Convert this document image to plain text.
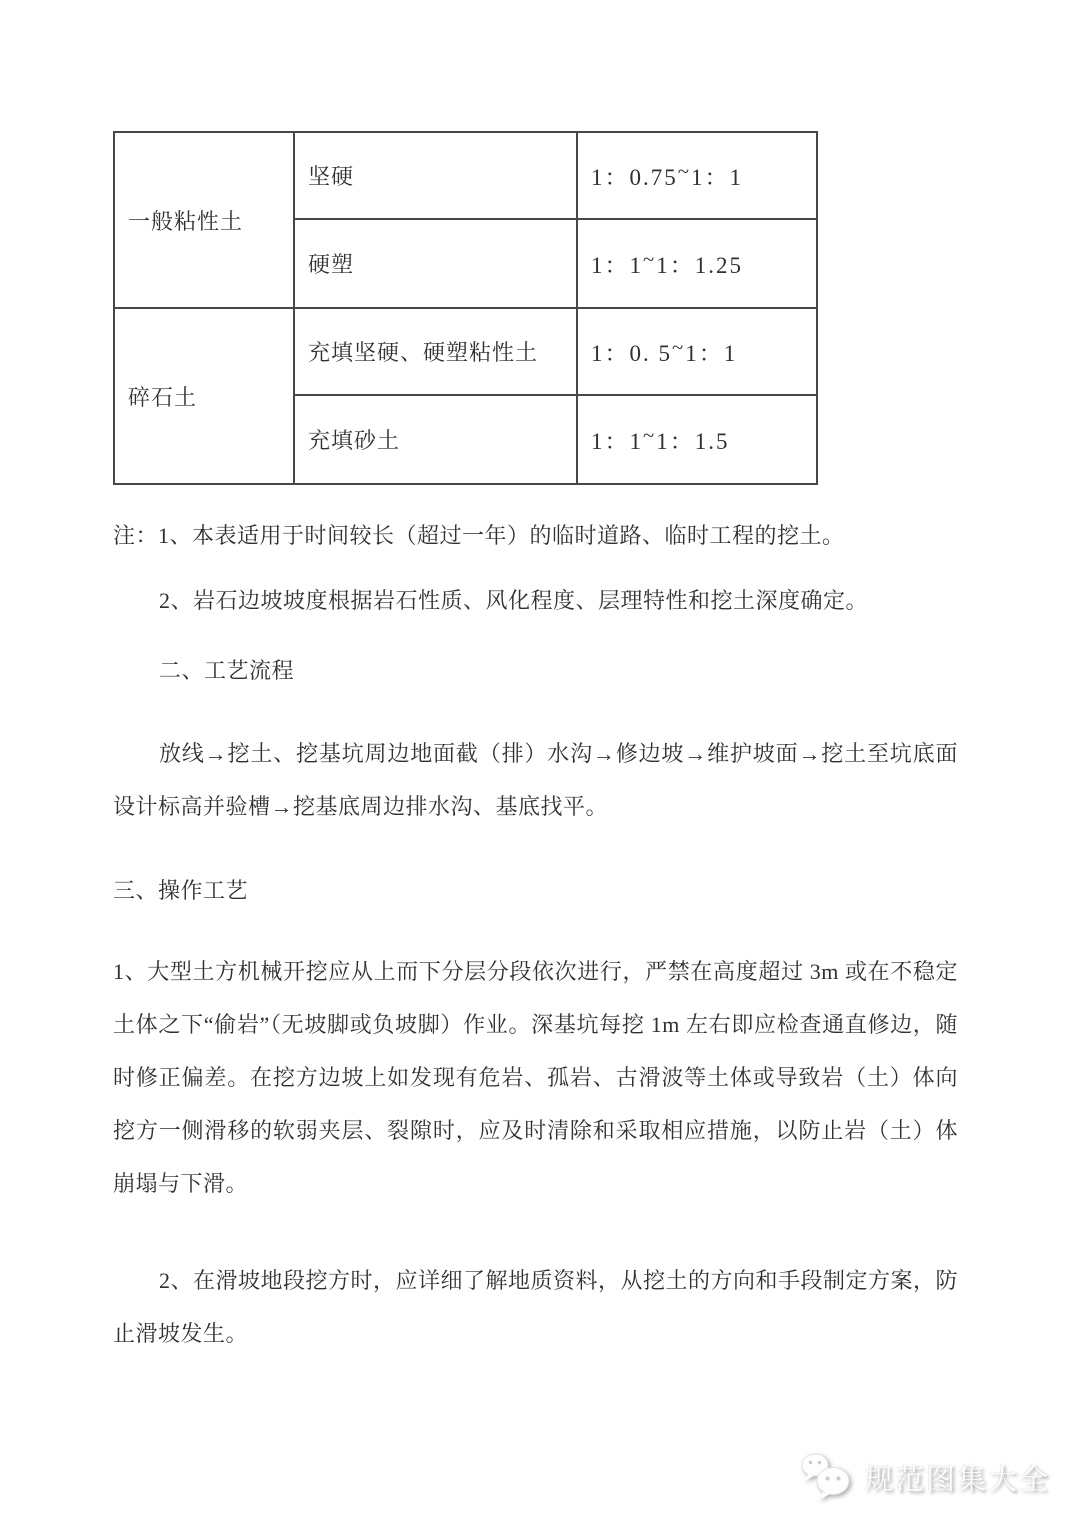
一般粘性土	坚硬	1：0.75~1：1
	硬塑	1：1~1：1.25

碎石土	充填坚硬、硬塑粘性土	1：0. 5~1：1
	充填砂土	1：1~1：1.5

注：1、本表适用于时间较长（超过一年）的临时道路、临时工程的挖土。

2、岩石边坡坡度根据岩石性质、风化程度、层理特性和挖土深度确定。

二、工艺流程

放线→挖土、挖基坑周边地面截（排）水沟→修边坡→维护坡面→挖土至坑底面设计标高并验槽→挖基底周边排水沟、基底找平。

三、操作工艺

1、大型土方机械开挖应从上而下分层分段依次进行，严禁在高度超过 3m 或在不稳定土体之下“偷岩”（无坡脚或负坡脚）作业。深基坑每挖 1m 左右即应检查通直修边，随时修正偏差。在挖方边坡上如发现有危岩、孤岩、古滑波等土体或导致岩（土）体向挖方一侧滑移的软弱夹层、裂隙时，应及时清除和采取相应措施，以防止岩（土）体崩塌与下滑。

2、在滑坡地段挖方时，应详细了解地质资料，从挖土的方向和手段制定方案，防止滑坡发生。

规范图集大全
